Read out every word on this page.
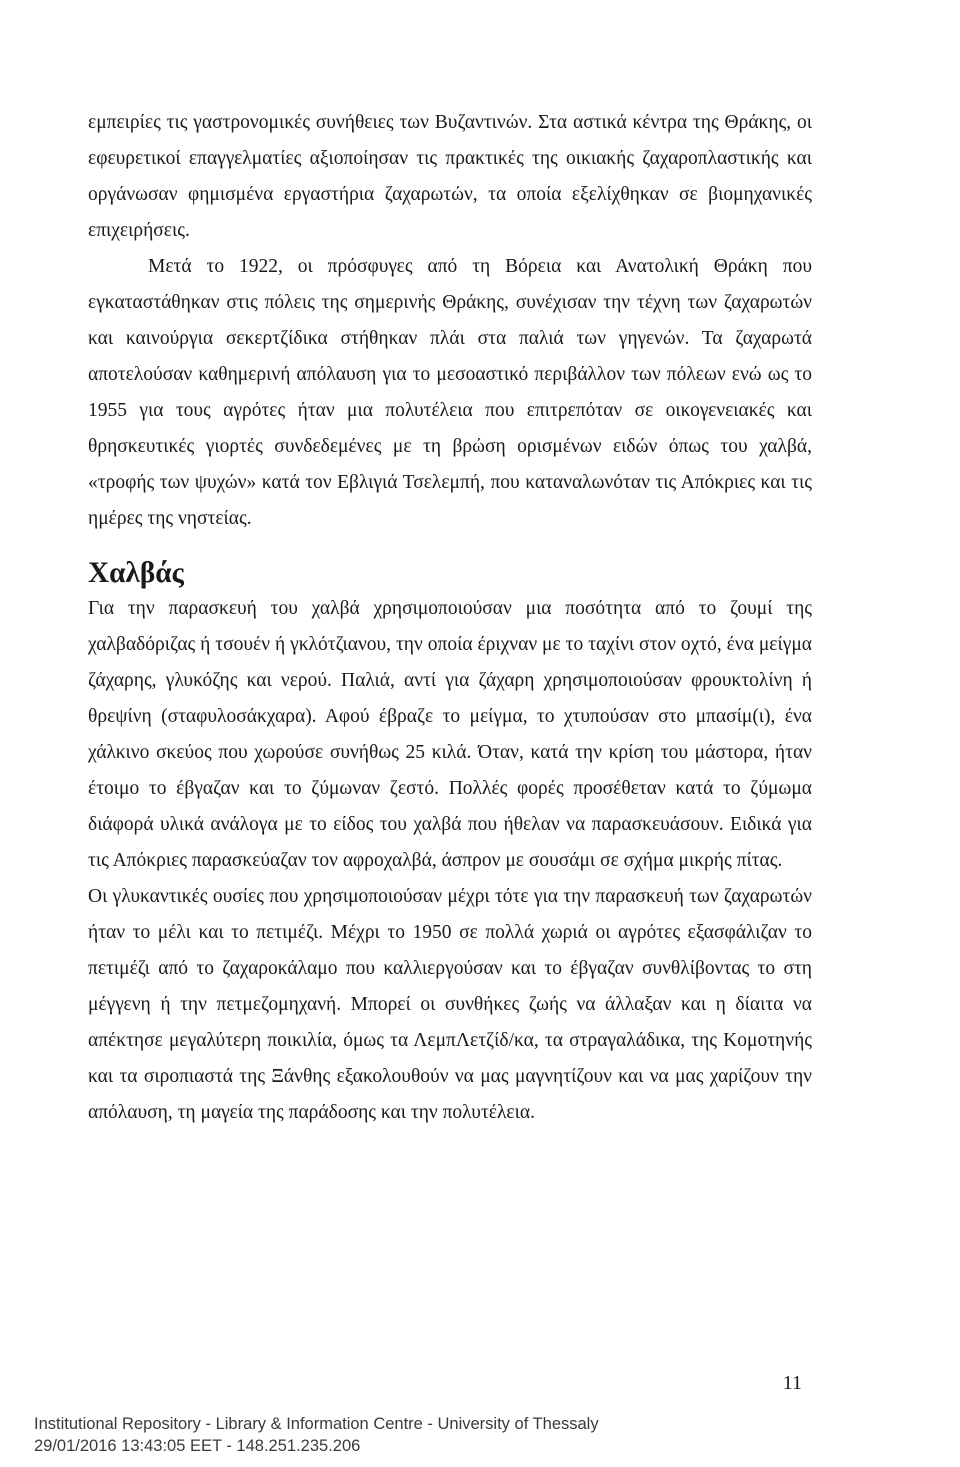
εμπειρίες τις γαστρονομικές συνήθειες των Βυζαντινών. Στα αστικά κέντρα της Θράκης, οι εφευρετικοί επαγγελματίες αξιοποίησαν τις πρακτικές της οικιακής ζαχαροπλαστικής και οργάνωσαν φημισμένα εργαστήρια ζαχαρωτών, τα οποία εξελίχθηκαν σε βιομηχανικές επιχειρήσεις.

Μετά το 1922, οι πρόσφυγες από τη Βόρεια και Ανατολική Θράκη που εγκαταστάθηκαν στις πόλεις της σημερινής Θράκης, συνέχισαν την τέχνη των ζαχαρωτών και καινούργια σεκερτζίδικα στήθηκαν πλάι στα παλιά των γηγενών. Τα ζαχαρωτά αποτελούσαν καθημερινή απόλαυση για το μεσοαστικό περιβάλλον των πόλεων ενώ ως το 1955 για τους αγρότες ήταν μια πολυτέλεια που επιτρεπόταν σε οικογενειακές και θρησκευτικές γιορτές συνδεδεμένες με τη βρώση ορισμένων ειδών όπως του χαλβά, «τροφής των ψυχών» κατά τον Εβλιγιά Τσελεμπή, που καταναλωνόταν τις Απόκριες και τις ημέρες της νηστείας.

Χαλβάς

Για την παρασκευή του χαλβά χρησιμοποιούσαν μια ποσότητα από το ζουμί της χαλβαδόριζας ή τσουέν ή γκλότζιανου, την οποία έριχναν με το ταχίνι στον οχτό, ένα μείγμα ζάχαρης, γλυκόζης και νερού. Παλιά, αντί για ζάχαρη χρησιμοποιούσαν φρουκτολίνη ή θρεψίνη (σταφυλοσάκχαρα). Αφού έβραζε το μείγμα, το χτυπούσαν στο μπασίμ(ι), ένα χάλκινο σκεύος που χωρούσε συνήθως 25 κιλά. Όταν, κατά την κρίση του μάστορα, ήταν έτοιμο το έβγαζαν και το ζύμωναν ζεστό. Πολλές φορές προσέθεταν κατά το ζύμωμα διάφορά υλικά ανάλογα με το είδος του χαλβά που ήθελαν να παρασκευάσουν. Ειδικά για τις Απόκριες παρασκεύαζαν τον αφροχαλβά, άσπρον με σουσάμι σε σχήμα μικρής πίτας.

Οι γλυκαντικές ουσίες που χρησιμοποιούσαν μέχρι τότε για την παρασκευή των ζαχαρωτών ήταν το μέλι και το πετιμέζι. Μέχρι το 1950 σε πολλά χωριά οι αγρότες εξασφάλιζαν το πετιμέζι από το ζαχαροκάλαμο που καλλιεργούσαν και το έβγαζαν συνθλίβοντας το στη μέγγενη ή την πετμεζομηχανή. Μπορεί οι συνθήκες ζωής να άλλαξαν και η δίαιτα να απέκτησε μεγαλύτερη ποικιλία, όμως τα ΛεμπΛετζίδ/κα, τα στραγαλάδικα, της Κομοτηνής και τα σιροπιαστά της Ξάνθης εξακολουθούν να μας μαγνητίζουν και να μας χαρίζουν την απόλαυση, τη μαγεία της παράδοσης και την πολυτέλεια.

11
Institutional Repository - Library & Information Centre - University of Thessaly
29/01/2016 13:43:05 EET - 148.251.235.206
